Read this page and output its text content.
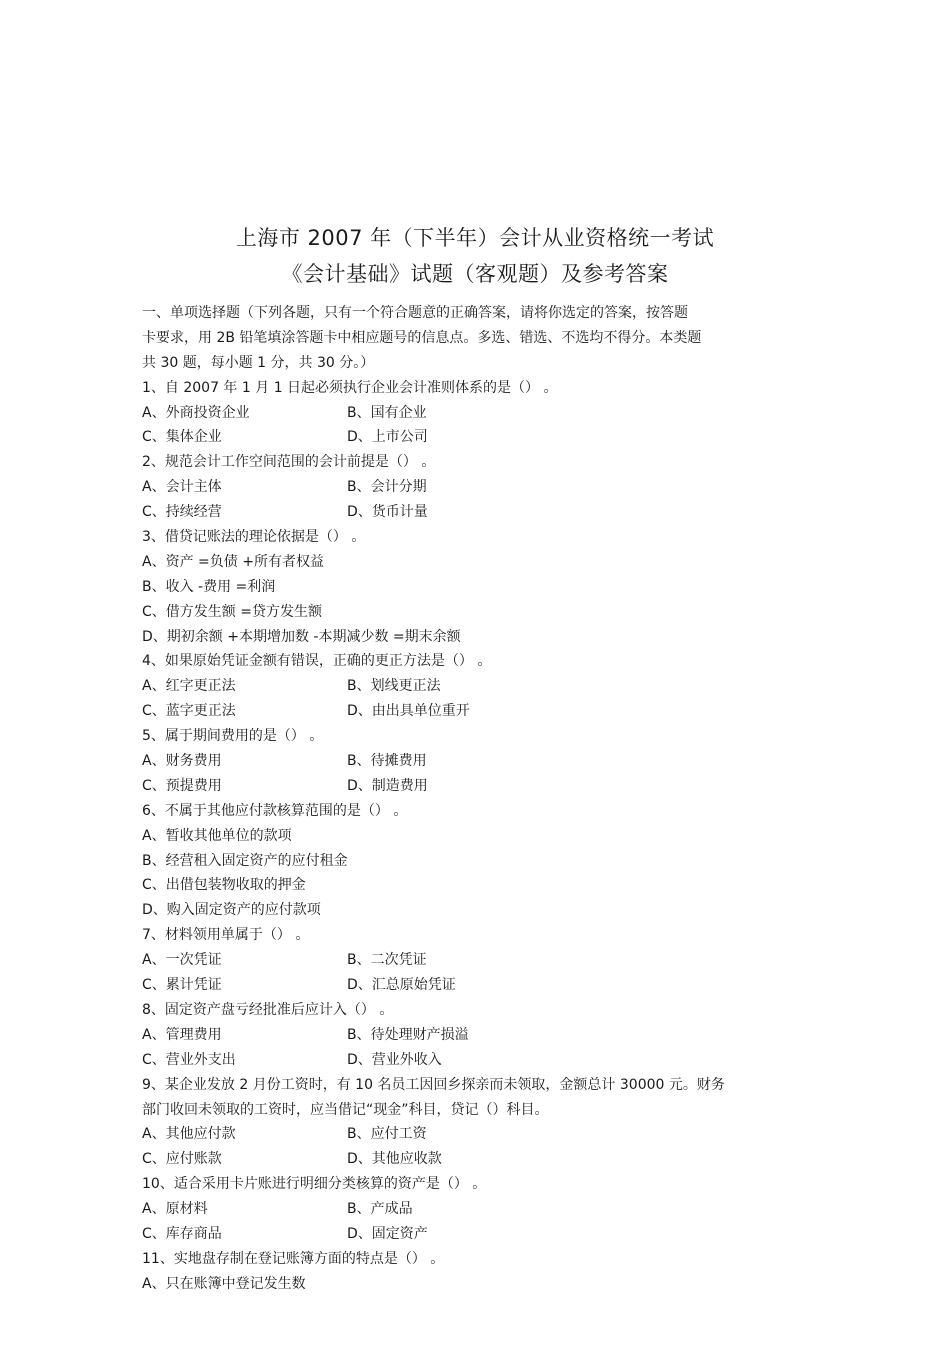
上海市 2007 年（下半年）会计从业资格统一考试
《会计基础》试题（客观题）及参考答案
一、单项选择题（下列各题，只有一个符合题意的正确答案，请将你选定的答案，按答题
卡要求，用 2B 铅笔填涂答题卡中相应题号的信息点。多选、错选、不选均不得分。本类题
共 30 题，每小题 1 分，共 30 分。）
1、自 2007 年 1 月 1 日起必须执行企业会计准则体系的是（） 。
A、外商投资企业	B、国有企业
C、集体企业	D、上市公司
2、规范会计工作空间范围的会计前提是（） 。
A、会计主体	B、会计分期
C、持续经营	D、货币计量
3、借贷记账法的理论依据是（） 。
A、资产 =负债 +所有者权益
B、收入 -费用 =利润
C、借方发生额 =贷方发生额
D、期初余额 +本期增加数 -本期减少数 =期末余额
4、如果原始凭证金额有错误，正确的更正方法是（） 。
A、红字更正法	B、划线更正法
C、蓝字更正法	D、由出具单位重开
5、属于期间费用的是（） 。
A、财务费用	B、待摊费用
C、预提费用	D、制造费用
6、不属于其他应付款核算范围的是（） 。
A、暂收其他单位的款项
B、经营租入固定资产的应付租金
C、出借包装物收取的押金
D、购入固定资产的应付款项
7、材料领用单属于（） 。
A、一次凭证	B、二次凭证
C、累计凭证	D、汇总原始凭证
8、固定资产盘亏经批准后应计入（） 。
A、管理费用	B、待处理财产损溢
C、营业外支出	D、营业外收入
9、某企业发放 2 月份工资时，有 10 名员工因回乡探亲而未领取，金额总计 30000 元。财务
部门收回未领取的工资时，应当借记“现金”科目，贷记（）科目。
A、其他应付款	B、应付工资
C、应付账款	D、其他应收款
10、适合采用卡片账进行明细分类核算的资产是（） 。
A、原材料	B、产成品
C、库存商品	D、固定资产
11、实地盘存制在登记账簿方面的特点是（） 。
A、只在账簿中登记发生数
